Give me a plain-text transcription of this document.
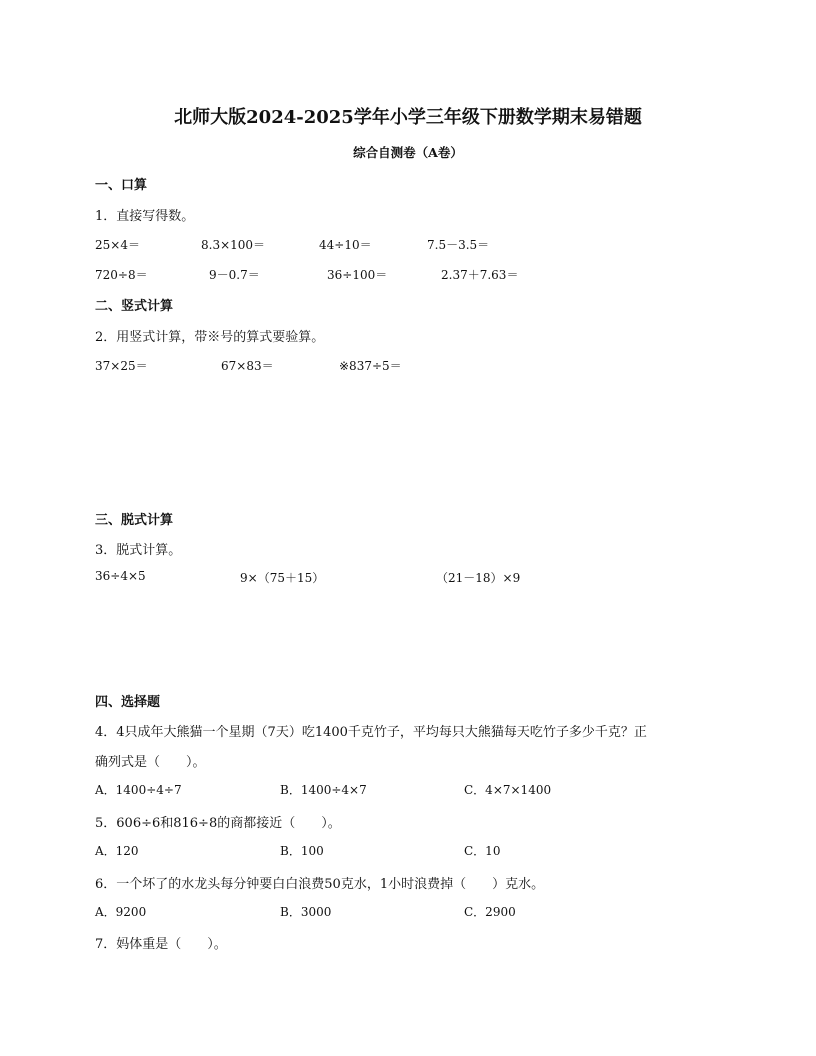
北师大版2024-2025学年小学三年级下册数学期末易错题
综合自测卷（A卷）
一、口算
1．直接写得数。
25×4＝	8.3×100＝	44÷10＝	7.5－3.5＝
720÷8＝	9－0.7＝	36÷100＝	2.37＋7.63＝
二、竖式计算
2．用竖式计算，带※号的算式要验算。
37×25＝	67×83＝	※837÷5＝
三、脱式计算
3．脱式计算。
36÷4×5	9×（75＋15）	（21－18）×9
四、选择题
4．4只成年大熊猫一个星期（7天）吃1400千克竹子，平均每只大熊猫每天吃竹子多少千克？正
确列式是（　　）。
A．1400÷4÷7	B．1400÷4×7	C．4×7×1400
5．606÷6和816÷8的商都接近（　　）。
A．120	B．100	C．10
6．一个坏了的水龙头每分钟要白白浪费50克水，1小时浪费掉（　　）克水。
A．9200	B．3000	C．2900
7．妈体重是（　　）。
